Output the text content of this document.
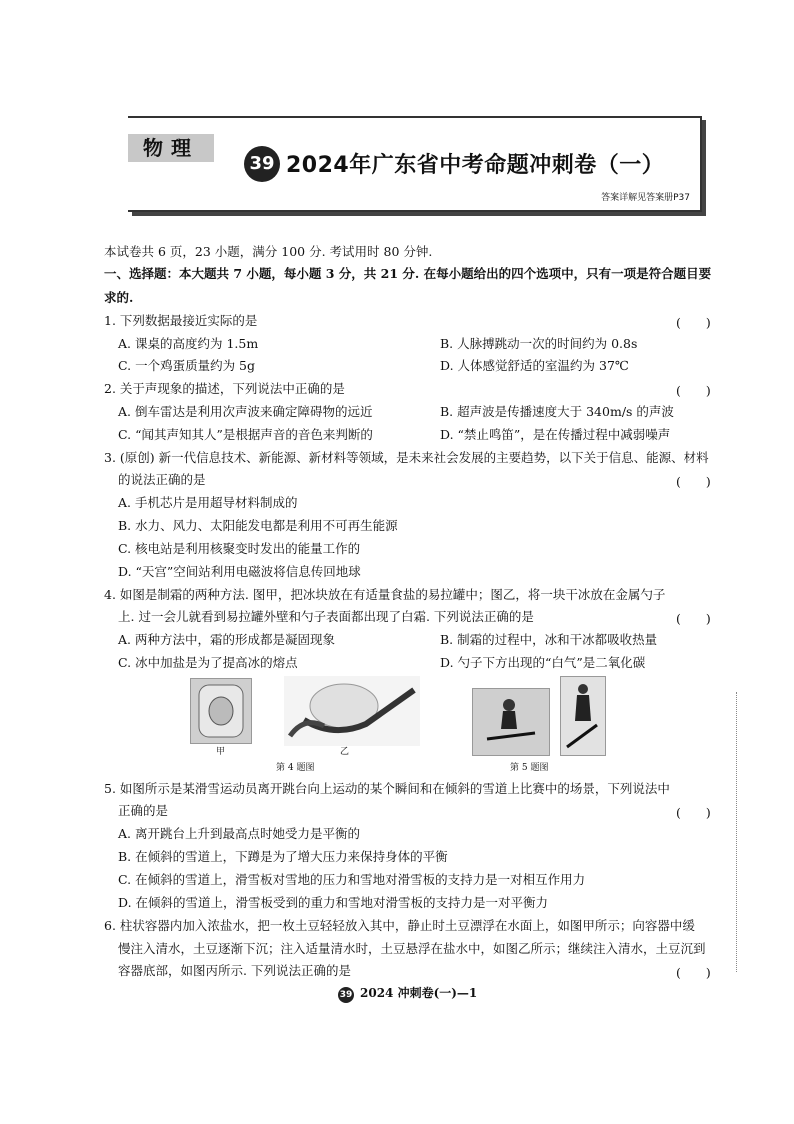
物理
39 2024年广东省中考命题冲刺卷（一）
答案详解见答案册P37
本试卷共 6 页，23 小题，满分 100 分. 考试用时 80 分钟.
一、选择题：本大题共 7 小题，每小题 3 分，共 21 分. 在每小题给出的四个选项中，只有一项是符合题目要
求的.
1. 下列数据最接近实际的是	(　　)
A. 课桌的高度约为 1.5m	B. 人脉搏跳动一次的时间约为 0.8s
C. 一个鸡蛋质量约为 5g	D. 人体感觉舒适的室温约为 37℃
2. 关于声现象的描述，下列说法中正确的是	(　　)
A. 倒车雷达是利用次声波来确定障碍物的远近	B. 超声波是传播速度大于 340m/s 的声波
C. “闻其声知其人”是根据声音的音色来判断的	D. “禁止鸣笛”，是在传播过程中减弱噪声
3. (原创) 新一代信息技术、新能源、新材料等领域，是未来社会发展的主要趋势，以下关于信息、能源、材料
的说法正确的是	(　　)
A. 手机芯片是用超导材料制成的
B. 水力、风力、太阳能发电都是利用不可再生能源
C. 核电站是利用核聚变时发出的能量工作的
D. “天宫”空间站利用电磁波将信息传回地球
4. 如图是制霜的两种方法. 图甲，把冰块放在有适量食盐的易拉罐中；图乙，将一块干冰放在金属勺子
上. 过一会儿就看到易拉罐外壁和勺子表面都出现了白霜. 下列说法正确的是	(　　)
A. 两种方法中，霜的形成都是凝固现象	B. 制霜的过程中，冰和干冰都吸收热量
C. 冰中加盐是为了提高冰的熔点	D. 勺子下方出现的“白气”是二氧化碳
甲	乙
第 4 题图	第 5 题图
5. 如图所示是某滑雪运动员离开跳台向上运动的某个瞬间和在倾斜的雪道上比赛中的场景，下列说法中
正确的是	(　　)
A. 离开跳台上升到最高点时她受力是平衡的
B. 在倾斜的雪道上，下蹲是为了增大压力来保持身体的平衡
C. 在倾斜的雪道上，滑雪板对雪地的压力和雪地对滑雪板的支持力是一对相互作用力
D. 在倾斜的雪道上，滑雪板受到的重力和雪地对滑雪板的支持力是一对平衡力
6. 柱状容器内加入浓盐水，把一枚土豆轻轻放入其中，静止时土豆漂浮在水面上，如图甲所示；向容器中缓
慢注入清水，土豆逐渐下沉；注入适量清水时，土豆悬浮在盐水中，如图乙所示；继续注入清水，土豆沉到
容器底部，如图丙所示. 下列说法正确的是	(　　)
39 2024 冲刺卷(一)—1
